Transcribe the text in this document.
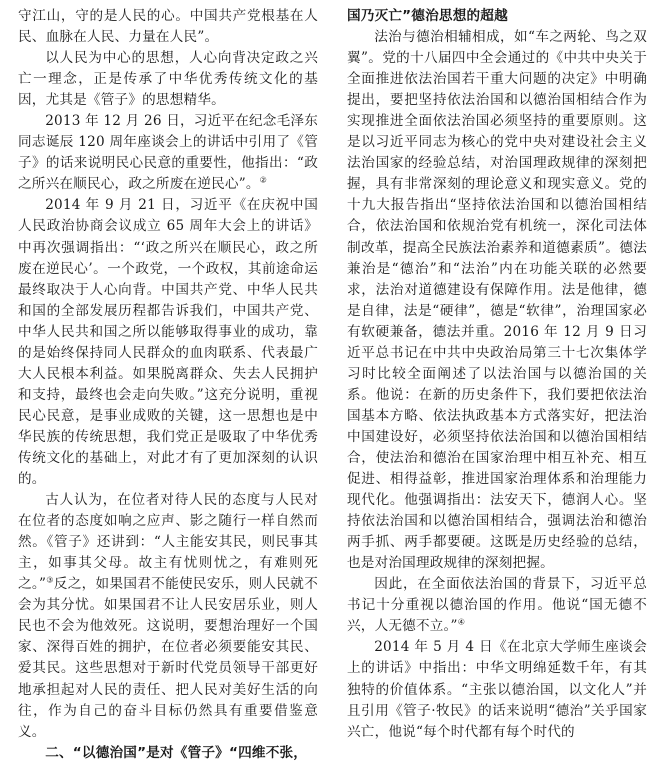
守江山，守的是人民的心。中国共产党根基在人民、血脉在人民、力量在人民”。

以人民为中心的思想，人心向背决定政之兴亡一理念，正是传承了中华优秀传统文化的基因，尤其是《管子》的思想精华。

2013 年 12 月 26 日，习近平在纪念毛泽东同志诞辰 120 周年座谈会上的讲话中引用了《管子》的话来说明民心民意的重要性，他指出：“政之所兴在顺民心，政之所废在逆民心”。②

2014 年 9 月 21 日，习近平《在庆祝中国人民政治协商会议成立 65 周年大会上的讲话》中再次强调指出：“‘政之所兴在顺民心，政之所废在逆民心’。一个政党，一个政权，其前途命运最终取决于人心向背。中国共产党、中华人民共和国的全部发展历程都告诉我们，中国共产党、中华人民共和国之所以能够取得事业的成功，靠的是始终保持同人民群众的血肉联系、代表最广大人民根本利益。如果脱离群众、失去人民拥护和支持，最终也会走向失败。”这充分说明，重视民心民意，是事业成败的关键，这一思想也是中华民族的传统思想，我们党正是吸取了中华优秀传统文化的基础上，对此才有了更加深刻的认识的。

古人认为，在位者对待人民的态度与人民对在位者的态度如响之应声、影之随行一样自然而然。《管子》还讲到：“人主能安其民，则民事其主，如事其父母。故主有忧则忧之，有难则死之。”③反之，如果国君不能使民安乐，则人民就不会为其分忧。如果国君不让人民安居乐业，则人民也不会为他效死。这说明，要想治理好一个国家、深得百姓的拥护，在位者必须要能安其民、爱其民。这些思想对于新时代党员领导干部更好地承担起对人民的责任、把人民对美好生活的向往，作为自己的奋斗目标仍然具有重要借鉴意义。

二、“以德治国”是对《管子》“四维不张，
国乃灭亡”德治思想的超越

法治与德治相辅相成，如“车之两轮、鸟之双翼”。党的十八届四中全会通过的《中共中央关于全面推进依法治国若干重大问题的决定》中明确提出，要把坚持依法治国和以德治国相结合作为实现推进全面依法治国必须坚持的重要原则。这是以习近平同志为核心的党中央对建设社会主义法治国家的经验总结，对治国理政规律的深刻把握，具有非常深刻的理论意义和现实意义。党的十九大报告指出“坚持依法治国和以德治国相结合，依法治国和依规治党有机统一，深化司法体制改革，提高全民族法治素养和道德素质”。德法兼治是“德治”和“法治”内在功能关联的必然要求，法治对道德建设有保障作用。法是他律，德是自律，法是“硬律”，德是“软律”，治理国家必有软硬兼备，德法并重。2016 年 12 月 9 日习近平总书记在中共中央政治局第三十七次集体学习时比较全面阐述了以法治国与以德治国的关系。他说：在新的历史条件下，我们要把依法治国基本方略、依法执政基本方式落实好，把法治中国建设好，必须坚持依法治国和以德治国相结合，使法治和德治在国家治理中相互补充、相互促进、相得益彰，推进国家治理体系和治理能力现代化。他强调指出：法安天下，德润人心。坚持依法治国和以德治国相结合，强调法治和德治两手抓、两手都要硬。这既是历史经验的总结，也是对治国理政规律的深刻把握。

因此，在全面依法治国的背景下，习近平总书记十分重视以德治国的作用。他说“国无德不兴，人无德不立。”④

2014 年 5 月 4 日《在北京大学师生座谈会上的讲话》中指出：中华文明绵延数千年，有其独特的价值体系。“主张以德治国，以文化人”并且引用《管子·牧民》的话来说明“德治”关乎国家兴亡，他说“每个时代都有每个时代的
